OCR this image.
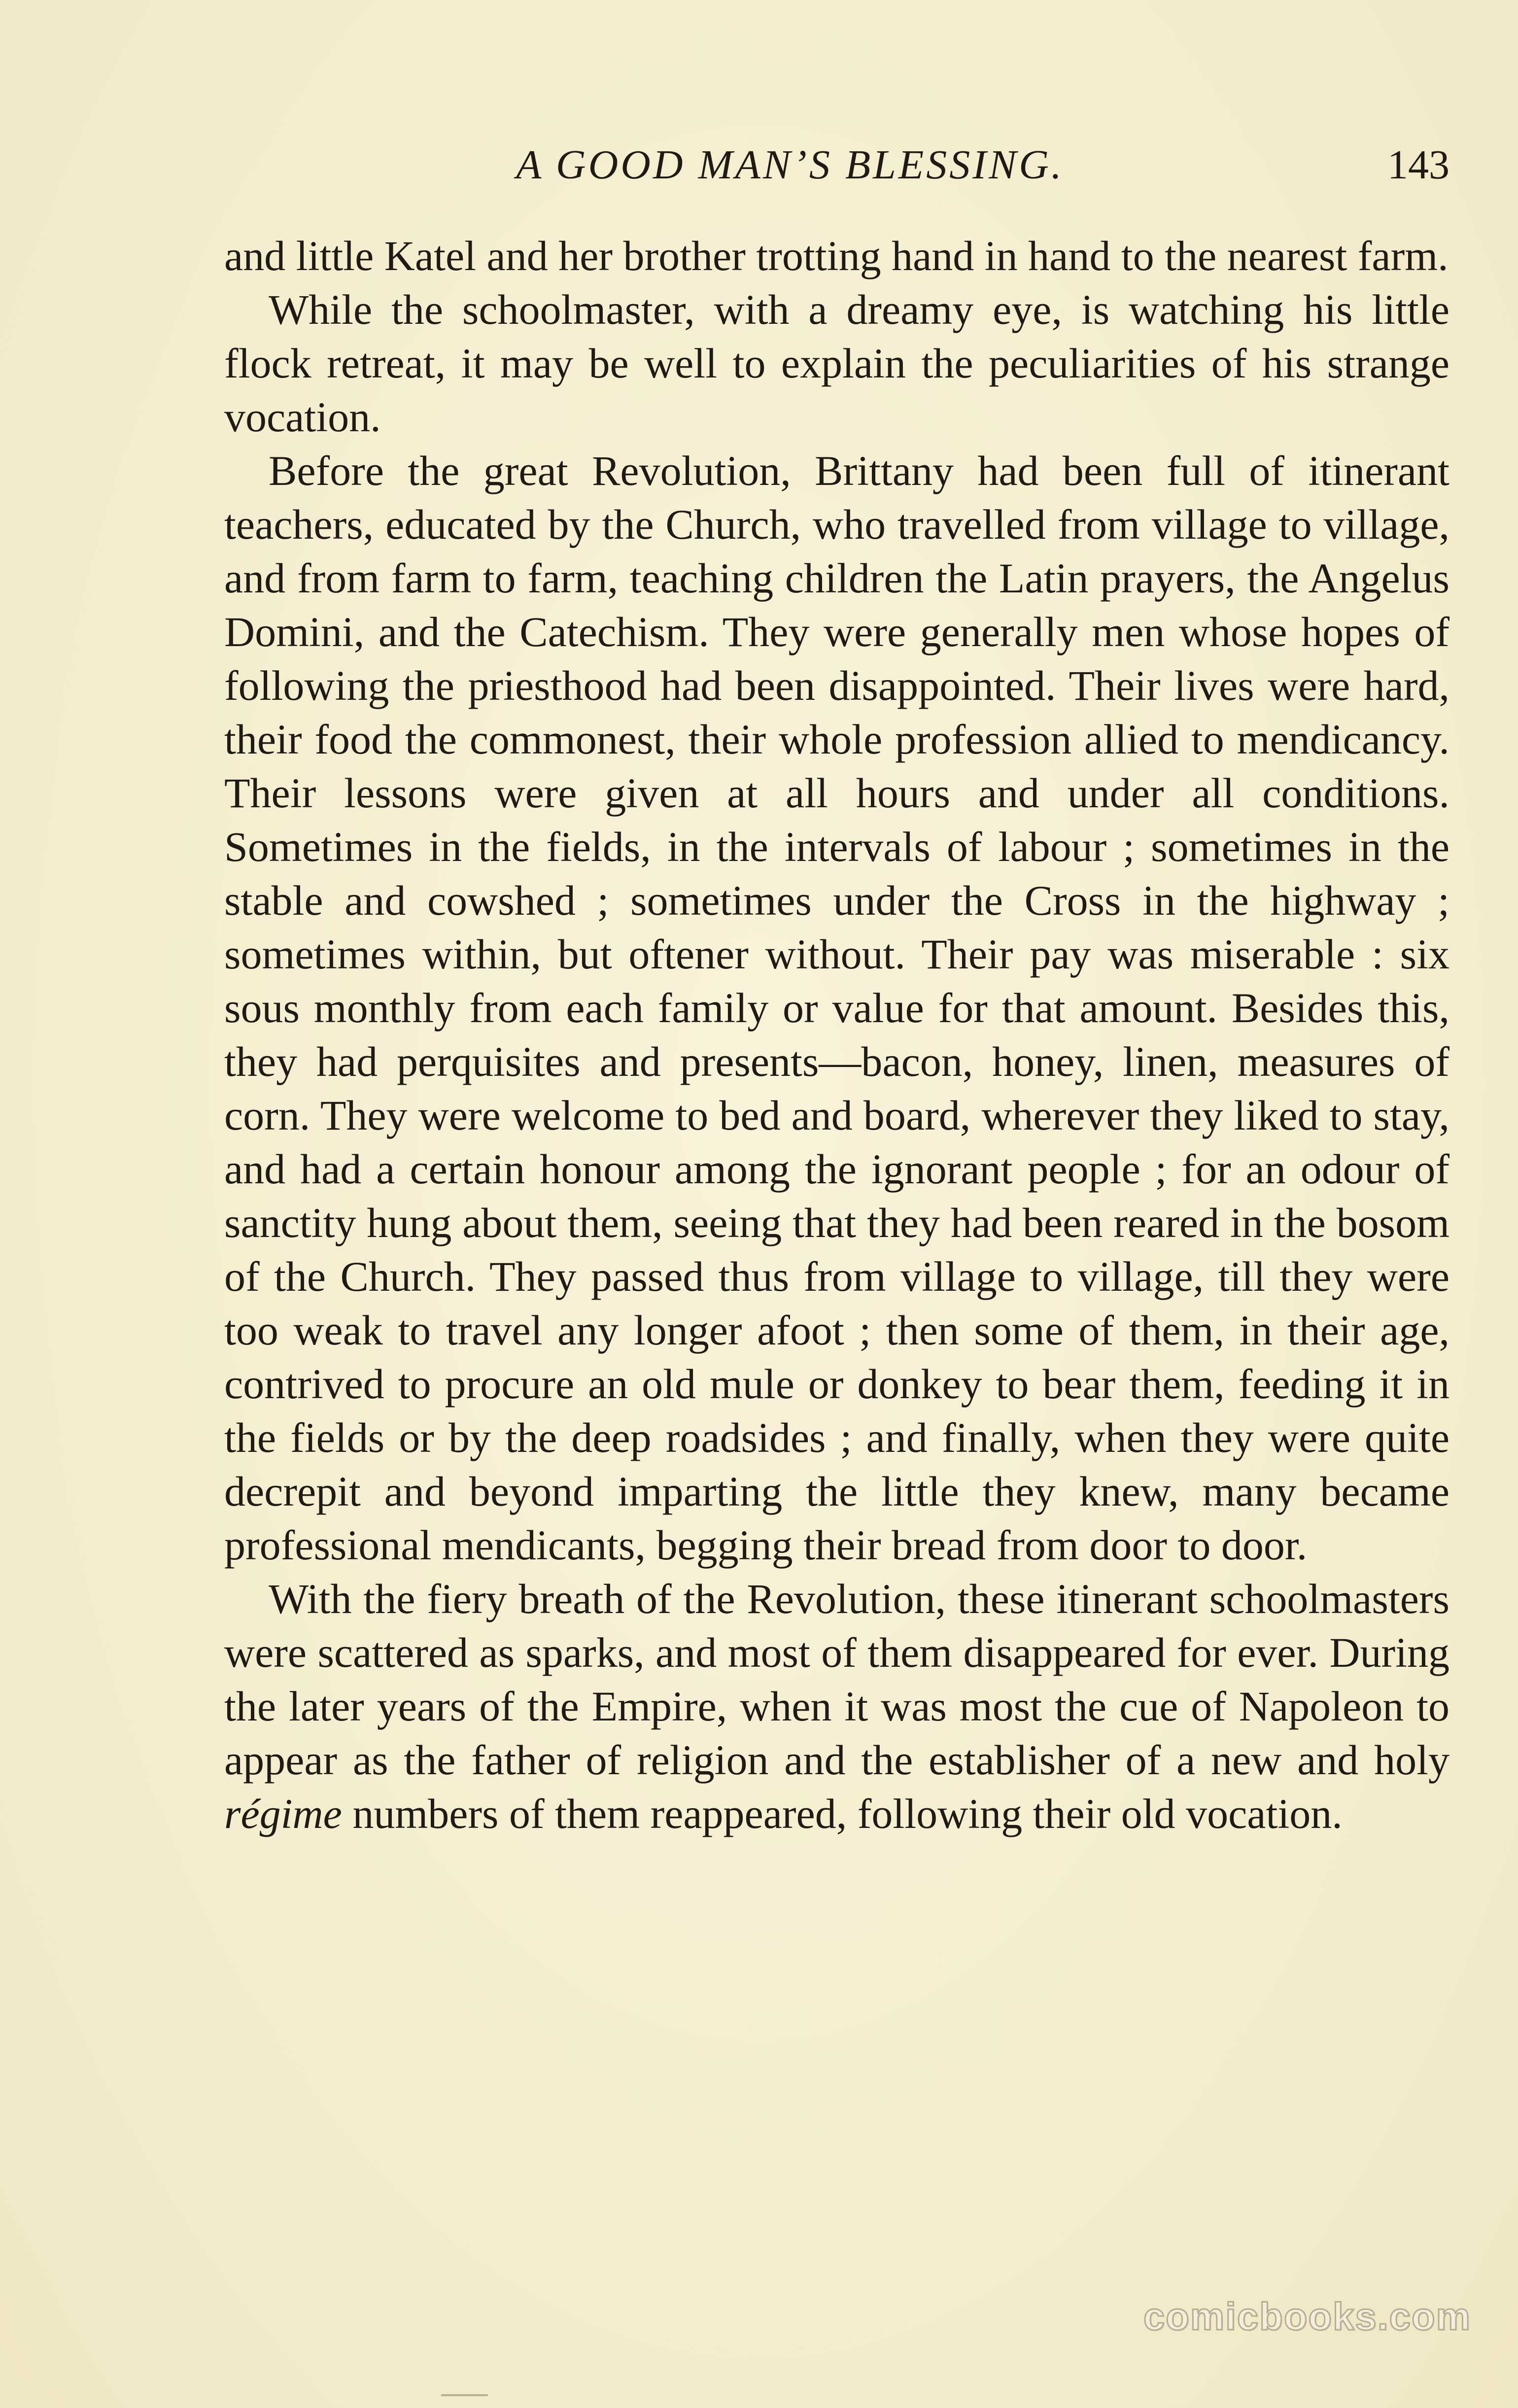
A GOOD MAN’S BLESSING.	143

and little Katel and her brother trotting hand in hand to the nearest farm.

While the schoolmaster, with a dreamy eye, is watching his little flock retreat, it may be well to explain the peculiarities of his strange vocation.

Before the great Revolution, Brittany had been full of itinerant teachers, educated by the Church, who travelled from village to village, and from farm to farm, teaching children the Latin prayers, the Angelus Domini, and the Catechism. They were generally men whose hopes of following the priesthood had been disappointed. Their lives were hard, their food the commonest, their whole profession allied to mendicancy. Their lessons were given at all hours and under all conditions. Sometimes in the fields, in the intervals of labour ; sometimes in the stable and cowshed ; sometimes under the Cross in the highway ; sometimes within, but oftener without. Their pay was miserable : six sous monthly from each family or value for that amount. Besides this, they had perquisites and presents—bacon, honey, linen, measures of corn. They were welcome to bed and board, wherever they liked to stay, and had a certain honour among the ignorant people ; for an odour of sanctity hung about them, seeing that they had been reared in the bosom of the Church. They passed thus from village to village, till they were too weak to travel any longer afoot ; then some of them, in their age, contrived to procure an old mule or donkey to bear them, feeding it in the fields or by the deep roadsides ; and finally, when they were quite decrepit and beyond imparting the little they knew, many became professional mendicants, begging their bread from door to door.

With the fiery breath of the Revolution, these itinerant schoolmasters were scattered as sparks, and most of them disappeared for ever. During the later years of the Empire, when it was most the cue of Napoleon to appear as the father of religion and the establisher of a new and holy régime numbers of them reappeared, following their old vocation.

comicbooks.com
